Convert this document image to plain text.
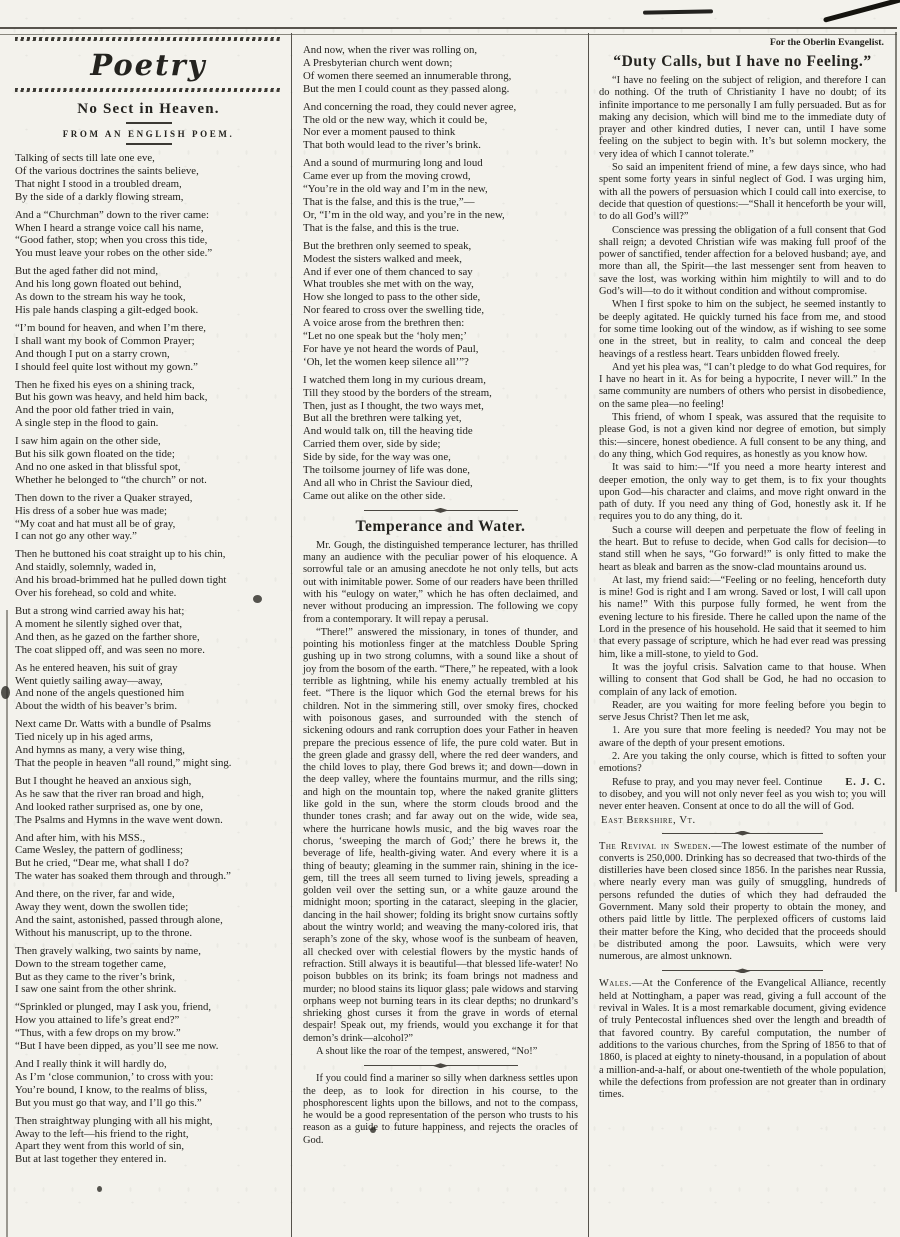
Poetry
No Sect in Heaven.
FROM AN ENGLISH POEM.
Talking of sects till late one eve,
Of the various doctrines the saints believe,
That night I stood in a troubled dream,
By the side of a darkly flowing stream,
And a “Churchman” down to the river came:
When I heard a strange voice call his name,
“Good father, stop; when you cross this tide,
You must leave your robes on the other side.”
But the aged father did not mind,
And his long gown floated out behind,
As down to the stream his way he took,
His pale hands clasping a gilt-edged book.
“I’m bound for heaven, and when I’m there,
I shall want my book of Common Prayer;
And though I put on a starry crown,
I should feel quite lost without my gown.”
Then he fixed his eyes on a shining track,
But his gown was heavy, and held him back,
And the poor old father tried in vain,
A single step in the flood to gain.
I saw him again on the other side,
But his silk gown floated on the tide;
And no one asked in that blissful spot,
Whether he belonged to “the church” or not.
Then down to the river a Quaker strayed,
His dress of a sober hue was made;
“My coat and hat must all be of gray,
I can not go any other way.”
Then he buttoned his coat straight up to his chin,
And staidly, solemnly, waded in,
And his broad-brimmed hat he pulled down tight
Over his forehead, so cold and white.
But a strong wind carried away his hat;
A moment he silently sighed over that,
And then, as he gazed on the farther shore,
The coat slipped off, and was seen no more.
As he entered heaven, his suit of gray
Went quietly sailing away—away,
And none of the angels questioned him
About the width of his beaver’s brim.
Next came Dr. Watts with a bundle of Psalms
Tied nicely up in his aged arms,
And hymns as many, a very wise thing,
That the people in heaven “all round,” might sing.
But I thought he heaved an anxious sigh,
As he saw that the river ran broad and high,
And looked rather surprised as, one by one,
The Psalms and Hymns in the wave went down.
And after him, with his MSS.,
Came Wesley, the pattern of godliness;
But he cried, “Dear me, what shall I do?
The water has soaked them through and through.”
And there, on the river, far and wide,
Away they went, down the swollen tide;
And the saint, astonished, passed through alone,
Without his manuscript, up to the throne.
Then gravely walking, two saints by name,
Down to the stream together came,
But as they came to the river’s brink,
I saw one saint from the other shrink.
“Sprinkled or plunged, may I ask you, friend,
How you attained to life’s great end?”
“Thus, with a few drops on my brow.”
“But I have been dipped, as you’ll see me now.
And I really think it will hardly do,
As I’m ‘close communion,’ to cross with you:
You’re bound, I know, to the realms of bliss,
But you must go that way, and I’ll go this.”
Then straightway plunging with all his might,
Away to the left—his friend to the right,
Apart they went from this world of sin,
But at last together they entered in.
And now, when the river was rolling on,
A Presbyterian church went down;
Of women there seemed an innumerable throng,
But the men I could count as they passed along.
And concerning the road, they could never agree,
The old or the new way, which it could be,
Nor ever a moment paused to think
That both would lead to the river’s brink.
And a sound of murmuring long and loud
Came ever up from the moving crowd,
“You’re in the old way and I’m in the new,
That is the false, and this is the true,”—
Or, “I’m in the old way, and you’re in the new,
That is the false, and this is the true.
But the brethren only seemed to speak,
Modest the sisters walked and meek,
And if ever one of them chanced to say
What troubles she met with on the way,
How she longed to pass to the other side,
Nor feared to cross over the swelling tide,
A voice arose from the brethren then:
“Let no one speak but the ‘holy men;’
For have ye not heard the words of Paul,
‘Oh, let the women keep silence all’”?
I watched them long in my curious dream,
Till they stood by the borders of the stream,
Then, just as I thought, the two ways met,
But all the brethren were talking yet,
And would talk on, till the heaving tide
Carried them over, side by side;
Side by side, for the way was one,
The toilsome journey of life was done,
And all who in Christ the Saviour died,
Came out alike on the other side.
Temperance and Water.

Mr. Gough, the distinguished temperance lecturer, has thrilled many an audience with the peculiar power of his eloquence. A sorrowful tale or an amusing anecdote he not only tells, but acts out with inimitable power. Some of our readers have been thrilled with his “eulogy on water,” which he has often declaimed, and never without producing an impression. The following we copy from a contemporary. It will repay a perusal.

“There!” answered the missionary, in tones of thunder, and pointing his motionless finger at the matchless Double Spring gushing up in two strong columns, with a sound like a shout of joy from the bosom of the earth. “There,” he repeated, with a look terrible as lightning, while his enemy actually trembled at his feet. “There is the liquor which God the eternal brews for his children. Not in the simmering still, over smoky fires, chocked with poisonous gases, and surrounded with the stench of sickening odours and rank corruption does your Father in heaven prepare the precious essence of life, the pure cold water. But in the green glade and grassy dell, where the red deer wanders, and the child loves to play, there God brews it; and down—down in the deep valley, where the fountains murmur, and the rills sing; and high on the mountain top, where the naked granite glitters like gold in the sun, where the storm clouds brood and the thunder tones crash; and far away out on the wide, wide sea, where the hurricane howls music, and the big waves roar the chorus, ‘sweeping the march of God;’ there he brews it, the beverage of life, health-giving water. And every where it is a thing of beauty; gleaming in the summer rain, shining in the ice-gem, till the trees all seem turned to living jewels, spreading a golden veil over the setting sun, or a white gauze around the midnight moon; sporting in the cataract, sleeping in the glacier, dancing in the hail shower; folding its bright snow curtains softly about the wintry world; and weaving the many-colored iris, that seraph’s zone of the sky, whose woof is the sunbeam of heaven, all checked over with celestial flowers by the mystic hands of refraction. Still always it is beautiful—that blessed life-water! No poison bubbles on its brink; its foam brings not madness and murder; no blood stains its liquor glass; pale widows and starving orphans weep not burning tears in its clear depths; no drunkard’s shrieking ghost curses it from the grave in words of eternal despair! Speak out, my friends, would you exchange it for that demon’s drink—alcohol?”

A shout like the roar of the tempest, answered, “No!”

If you could find a mariner so silly when darkness settles upon the deep, as to look for direction in his course, to the phosphorescent lights upon the billows, and not to the compass, he would be a good representation of the person who trusts to his reason as a guide to future happiness, and rejects the oracles of God.

For the Oberlin Evangelist.
“Duty Calls, but I have no Feeling.”

“I have no feeling on the subject of religion, and therefore I can do nothing. Of the truth of Christianity I have no doubt; of its infinite importance to me personally I am fully persuaded. But as for making any decision, which will bind me to the immediate duty of prayer and other kindred duties, I never can, until I have some feeling on the subject to begin with. It’s but solemn mockery, the very idea of which I cannot tolerate.”

So said an impenitent friend of mine, a few days since, who had spent some forty years in sinful neglect of God. I was urging him, with all the powers of persuasion which I could call into exercise, to decide that question of questions:—“Shall it henceforth be your will, to do all God’s will?”

Conscience was pressing the obligation of a full consent that God shall reign; a devoted Christian wife was making full proof of the power of sanctified, tender affection for a beloved husband; aye, and more than all, the Spirit—the last messenger sent from heaven to save the lost, was working within him mightily to will and to do God’s will—to do it without condition and without compromise.

When I first spoke to him on the subject, he seemed instantly to be deeply agitated. He quickly turned his face from me, and stood for some time looking out of the window, as if wishing to see some one in the street, but in reality, to calm and conceal the deep heavings of a restless heart. Tears unbidden flowed freely.

And yet his plea was, “I can’t pledge to do what God requires, for I have no heart in it. As for being a hypocrite, I never will.” In the same community are numbers of others who persist in disobedience, on the same plea—no feeling!

This friend, of whom I speak, was assured that the requisite to please God, is not a given kind nor degree of emotion, but simply this:—sincere, honest obedience. A full consent to be any thing, and do any thing, which God requires, as honestly as you know how.

It was said to him:—“If you need a more hearty interest and deeper emotion, the only way to get them, is to fix your thoughts upon God—his character and claims, and move right onward in the path of duty. If you need any thing of God, honestly ask it. If he requires you to do any thing, do it.

Such a course will deepen and perpetuate the flow of feeling in the heart. But to refuse to decide, when God calls for decision—to stand still when he says, “Go forward!” is only fitted to make the heart as bleak and barren as the snow-clad mountains around us.

At last, my friend said:—“Feeling or no feeling, henceforth duty is mine! God is right and I am wrong. Saved or lost, I will call upon his name!” With this purpose fully formed, he went from the evening lecture to his fireside. There he called upon the name of the Lord in the presence of his household. He said that it seemed to him that every passage of scripture, which he had ever read was pressing him, like a mill-stone, to yield to God.

It was the joyful crisis. Salvation came to that house. When willing to consent that God shall be God, he had no occasion to complain of any lack of emotion.

Reader, are you waiting for more feeling before you begin to serve Jesus Christ? Then let me ask,

1. Are you sure that more feeling is needed? You may not be aware of the depth of your present emotions.

2. Are you taking the only course, which is fitted to soften your emotions?

E. J. C.
Refuse to pray, and you may never feel. Continue to disobey, and you will not only never feel as you wish to; you will never enter heaven. Consent at once to do all the will of God.

East Berkshire, Vt.

The Revival in Sweden.—The lowest estimate of the number of converts is 250,000. Drinking has so decreased that two-thirds of the distilleries have been closed since 1856. In the parishes near Russia, where nearly every man was guily of smuggling, hundreds of persons refunded the duties of which they had defrauded the Government. Many sold their property to obtain the money, and others paid little by little. The perplexed officers of customs laid their matter before the King, who decided that the proceeds should be distributed among the poor. Lawsuits, which were very numerous, are almost unknown.

Wales.—At the Conference of the Evangelical Alliance, recently held at Nottingham, a paper was read, giving a full account of the revival in Wales. It is a most remarkable document, giving evidence of truly Pentecostal influences shed over the length and breadth of that favored country. By careful computation, the number of additions to the various churches, from the Spring of 1856 to that of 1860, is placed at eighty to ninety-thousand, in a population of about a million-and-a-half, or about one-twentieth of the whole population, while the defections from profession are not greater than in ordinary times.
